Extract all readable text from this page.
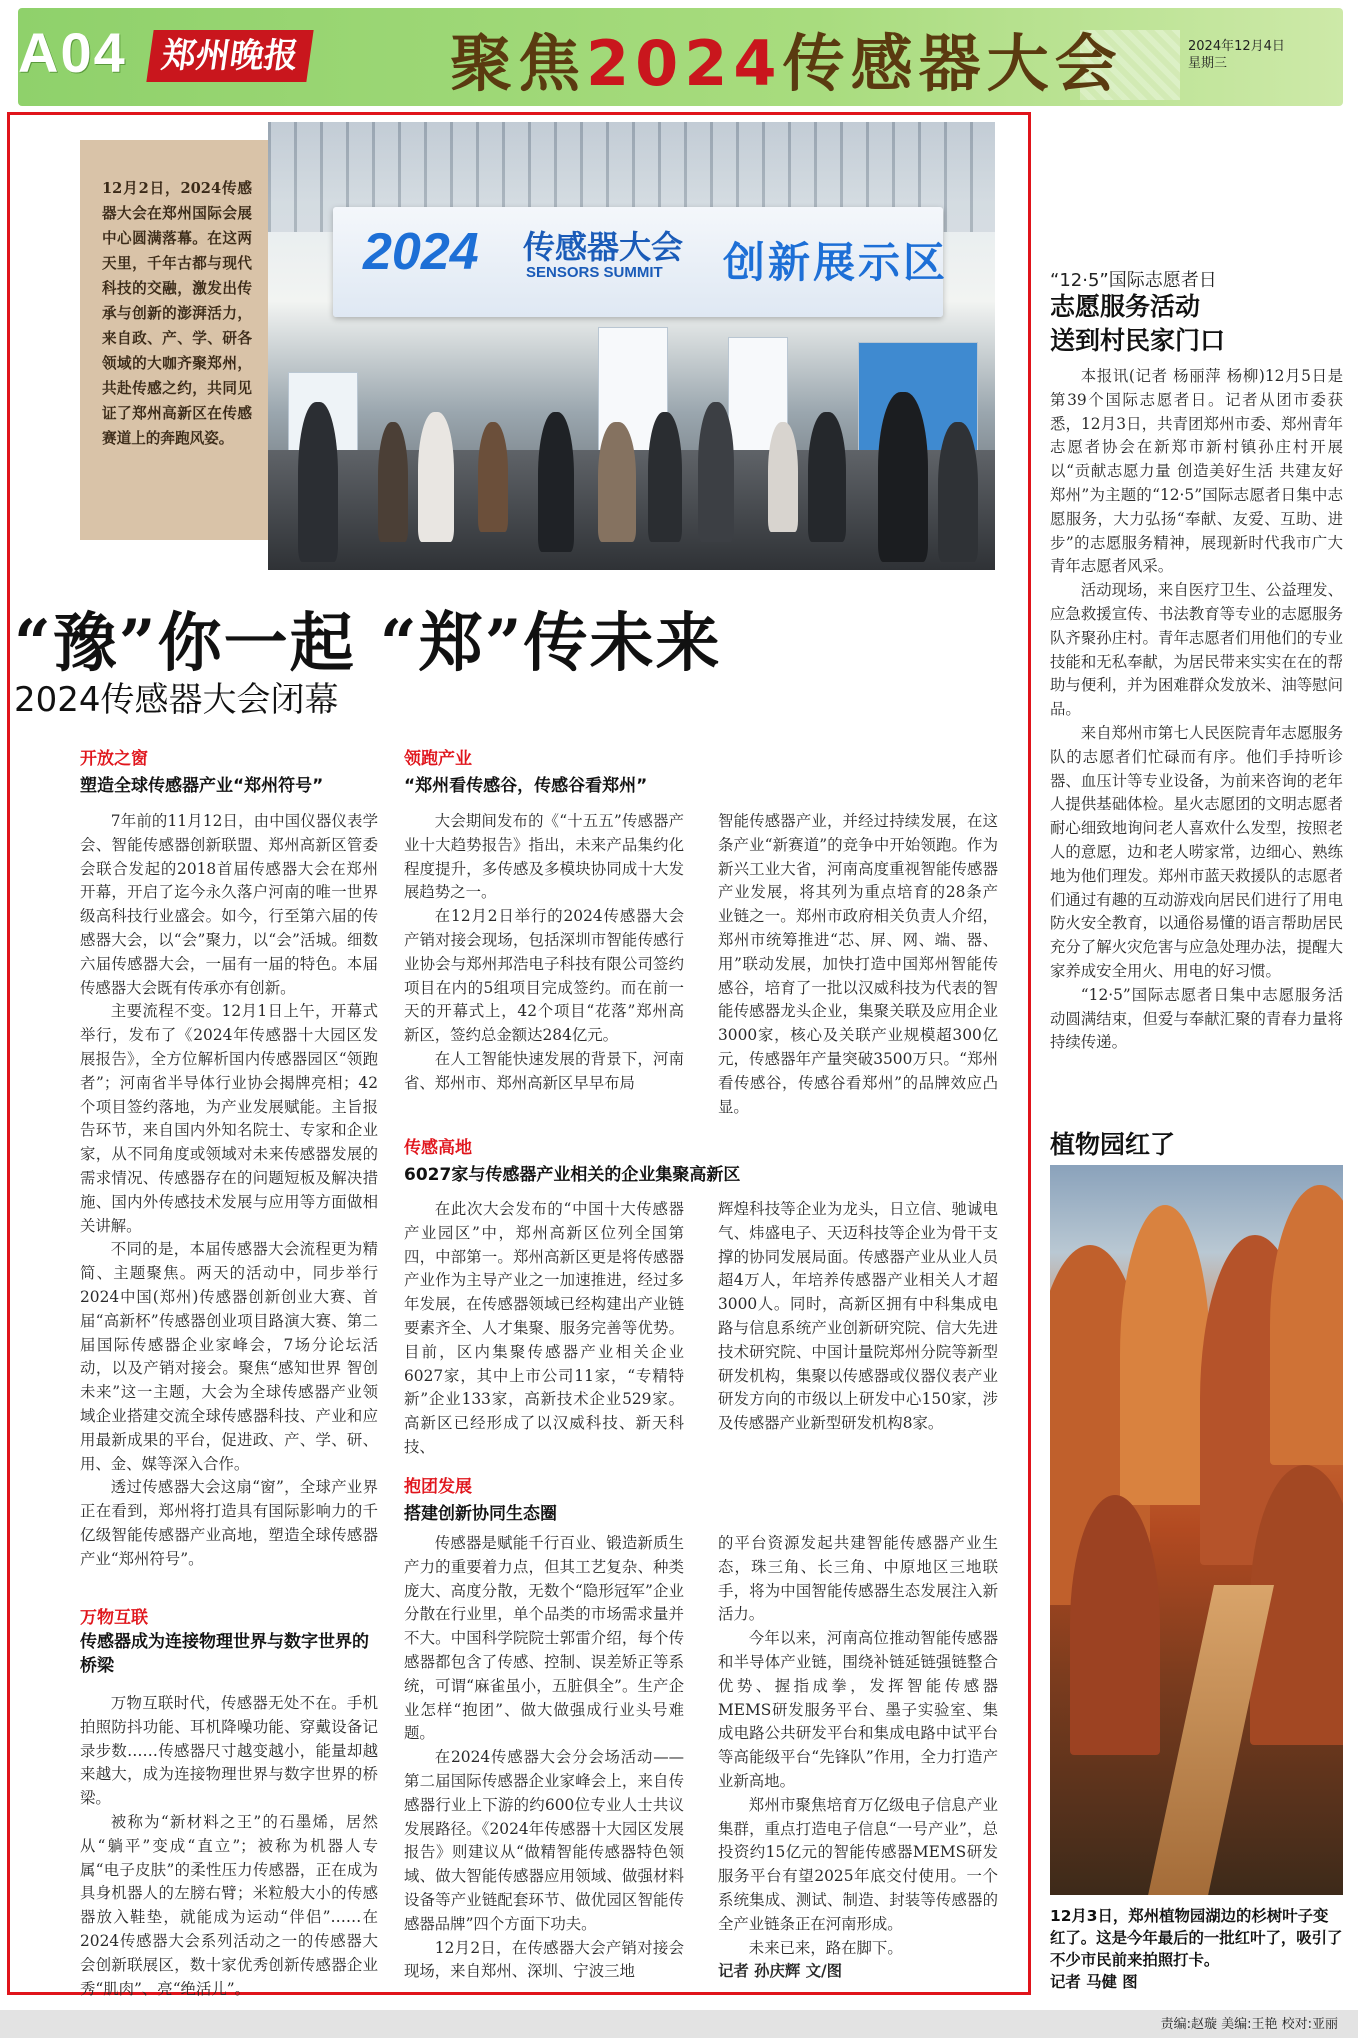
A04 郑州晚报 聚焦2024传感器大会	2024年12月4日
星期三
2024 传感器大会
SENSORS SUMMIT 创新展示区
12月2日，2024传感器大会在郑州国际会展中心圆满落幕。在这两天里，千年古都与现代科技的交融，激发出传承与创新的澎湃活力，来自政、产、学、研各领域的大咖齐聚郑州，共赴传感之约，共同见证了郑州高新区在传感赛道上的奔跑风姿。
“豫”你一起 “郑”传未来
2024传感器大会闭幕
开放之窗
塑造全球传感器产业“郑州符号”

7年前的11月12日，由中国仪器仪表学会、智能传感器创新联盟、郑州高新区管委会联合发起的2018首届传感器大会在郑州开幕，开启了迄今永久落户河南的唯一世界级高科技行业盛会。如今，行至第六届的传感器大会，以“会”聚力，以“会”活城。细数六届传感器大会，一届有一届的特色。本届传感器大会既有传承亦有创新。

主要流程不变。12月1日上午，开幕式举行，发布了《2024年传感器十大园区发展报告》，全方位解析国内传感器园区“领跑者”；河南省半导体行业协会揭牌亮相；42个项目签约落地，为产业发展赋能。主旨报告环节，来自国内外知名院士、专家和企业家，从不同角度或领域对未来传感器发展的需求情况、传感器存在的问题短板及解决措施、国内外传感技术发展与应用等方面做相关讲解。

不同的是，本届传感器大会流程更为精简、主题聚焦。两天的活动中，同步举行2024中国(郑州)传感器创新创业大赛、首届“高新杯”传感器创业项目路演大赛、第二届国际传感器企业家峰会，7场分论坛活动，以及产销对接会。聚焦“感知世界 智创未来”这一主题，大会为全球传感器产业领域企业搭建交流全球传感器科技、产业和应用最新成果的平台，促进政、产、学、研、用、金、媒等深入合作。

透过传感器大会这扇“窗”，全球产业界正在看到，郑州将打造具有国际影响力的千亿级智能传感器产业高地，塑造全球传感器产业“郑州符号”。

万物互联
传感器成为连接物理世界与数字世界的桥梁

万物互联时代，传感器无处不在。手机拍照防抖功能、耳机降噪功能、穿戴设备记录步数……传感器尺寸越变越小，能量却越来越大，成为连接物理世界与数字世界的桥梁。

被称为“新材料之王”的石墨烯，居然从“躺平”变成“直立”；被称为机器人专属“电子皮肤”的柔性压力传感器，正在成为具身机器人的左膀右臂；米粒般大小的传感器放入鞋垫，就能成为运动“伴侣”……在2024传感器大会系列活动之一的传感器大会创新联展区，数十家优秀创新传感器企业秀“肌肉”、亮“绝活儿”。

领跑产业
“郑州看传感谷，传感谷看郑州”

大会期间发布的《“十五五”传感器产业十大趋势报告》指出，未来产品集约化程度提升，多传感及多模块协同成十大发展趋势之一。

在12月2日举行的2024传感器大会产销对接会现场，包括深圳市智能传感行业协会与郑州邦浩电子科技有限公司签约项目在内的5组项目完成签约。而在前一天的开幕式上，42个项目“花落”郑州高新区，签约总金额达284亿元。

在人工智能快速发展的背景下，河南省、郑州市、郑州高新区早早布局

智能传感器产业，并经过持续发展，在这条产业“新赛道”的竞争中开始领跑。作为新兴工业大省，河南高度重视智能传感器产业发展，将其列为重点培育的28条产业链之一。郑州市政府相关负责人介绍，郑州市统筹推进“芯、屏、网、端、器、用”联动发展，加快打造中国郑州智能传感谷，培育了一批以汉威科技为代表的智能传感器龙头企业，集聚关联及应用企业3000家，核心及关联产业规模超300亿元，传感器年产量突破3500万只。“郑州看传感谷，传感谷看郑州”的品牌效应凸显。

传感高地
6027家与传感器产业相关的企业集聚高新区

在此次大会发布的“中国十大传感器产业园区”中，郑州高新区位列全国第四，中部第一。郑州高新区更是将传感器产业作为主导产业之一加速推进，经过多年发展，在传感器领域已经构建出产业链要素齐全、人才集聚、服务完善等优势。目前，区内集聚传感器产业相关企业6027家，其中上市公司11家，“专精特新”企业133家，高新技术企业529家。高新区已经形成了以汉威科技、新天科技、

辉煌科技等企业为龙头，日立信、驰诚电气、炜盛电子、天迈科技等企业为骨干支撑的协同发展局面。传感器产业从业人员超4万人，年培养传感器产业相关人才超3000人。同时，高新区拥有中科集成电路与信息系统产业创新研究院、信大先进技术研究院、中国计量院郑州分院等新型研发机构，集聚以传感器或仪器仪表产业研发方向的市级以上研发中心150家，涉及传感器产业新型研发机构8家。

抱团发展
搭建创新协同生态圈

传感器是赋能千行百业、锻造新质生产力的重要着力点，但其工艺复杂、种类庞大、高度分散，无数个“隐形冠军”企业分散在行业里，单个品类的市场需求量并不大。中国科学院院士郭雷介绍，每个传感器都包含了传感、控制、误差矫正等系统，可谓“麻雀虽小，五脏俱全”。生产企业怎样“抱团”、做大做强成行业头号难题。

在2024传感器大会分会场活动——第二届国际传感器企业家峰会上，来自传感器行业上下游的约600位专业人士共议发展路径。《2024年传感器十大园区发展报告》则建议从“做精智能传感器特色领域、做大智能传感器应用领域、做强材料设备等产业链配套环节、做优园区智能传感器品牌”四个方面下功夫。

12月2日，在传感器大会产销对接会现场，来自郑州、深圳、宁波三地

的平台资源发起共建智能传感器产业生态，珠三角、长三角、中原地区三地联手，将为中国智能传感器生态发展注入新活力。

今年以来，河南高位推动智能传感器和半导体产业链，围绕补链延链强链整合优势、握指成拳，发挥智能传感器MEMS研发服务平台、墨子实验室、集成电路公共研发平台和集成电路中试平台等高能级平台“先锋队”作用，全力打造产业新高地。

郑州市聚焦培育万亿级电子信息产业集群，重点打造电子信息“一号产业”，总投资约15亿元的智能传感器MEMS研发服务平台有望2025年底交付使用。一个系统集成、测试、制造、封装等传感器的全产业链条正在河南形成。

未来已来，路在脚下。

记者 孙庆辉 文/图

“12·5”国际志愿者日
志愿服务活动
送到村民家门口

本报讯(记者 杨丽萍 杨柳)12月5日是第39个国际志愿者日。记者从团市委获悉，12月3日，共青团郑州市委、郑州青年志愿者协会在新郑市新村镇孙庄村开展以“贡献志愿力量 创造美好生活 共建友好郑州”为主题的“12·5”国际志愿者日集中志愿服务，大力弘扬“奉献、友爱、互助、进步”的志愿服务精神，展现新时代我市广大青年志愿者风采。

活动现场，来自医疗卫生、公益理发、应急救援宣传、书法教育等专业的志愿服务队齐聚孙庄村。青年志愿者们用他们的专业技能和无私奉献，为居民带来实实在在的帮助与便利，并为困难群众发放米、油等慰问品。

来自郑州市第七人民医院青年志愿服务队的志愿者们忙碌而有序。他们手持听诊器、血压计等专业设备，为前来咨询的老年人提供基础体检。星火志愿团的文明志愿者耐心细致地询问老人喜欢什么发型，按照老人的意愿，边和老人唠家常，边细心、熟练地为他们理发。郑州市蓝天救援队的志愿者们通过有趣的互动游戏向居民们进行了用电防火安全教育，以通俗易懂的语言帮助居民充分了解火灾危害与应急处理办法，提醒大家养成安全用火、用电的好习惯。

“12·5”国际志愿者日集中志愿服务活动圆满结束，但爱与奉献汇聚的青春力量将持续传递。

植物园红了
12月3日，郑州植物园湖边的杉树叶子变红了。这是今年最后的一批红叶了，吸引了不少市民前来拍照打卡。
记者 马健 图
责编:赵璇 美编:王艳 校对:亚丽
